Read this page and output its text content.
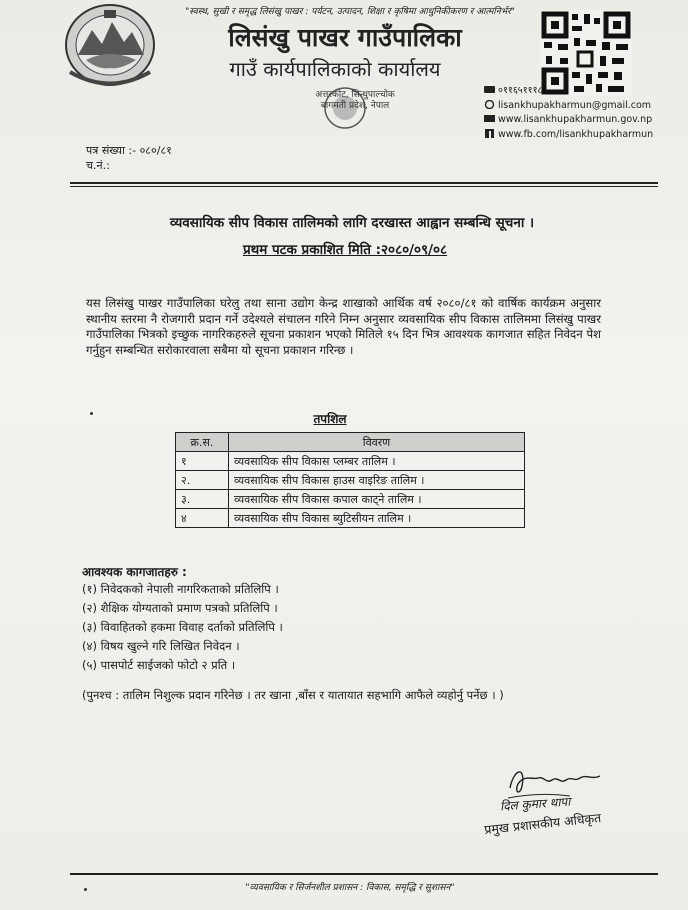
"स्वस्थ, सुखी र समृद्ध लिसंखु पाखर : पर्यटन, उत्पादन, शिक्षा र कृषिमा आधुनिकीकरण र आत्मनिर्भर"
लिसंखु पाखर गाउँपालिका
गाउँ कार्यपालिकाको कार्यालय
अत्तरकोट, सिन्धुपाल्चोक
बागमती प्रदेश, नेपाल
०११६५१११८
lisankhupakharmun@gmail.com
www.lisankhupakharmun.gov.np
www.fb.com/lisankhupakharmun
पत्र संख्या :- ०८०/८१
च.नं.:
व्यवसायिक सीप विकास तालिमको लागि दरखास्त आह्वान सम्बन्धि सूचना ।
प्रथम पटक प्रकाशित मिति :२०८०/०९/०८
यस लिसंखु पाखर गाउँपालिका घरेलु तथा साना उद्योग केन्द्र शाखाको आर्थिक वर्ष २०८०/८१ को वार्षिक कार्यक्रम अनुसार स्थानीय स्तरमा नै रोजगारी प्रदान गर्ने उदेश्यले संचालन गरिने निम्न अनुसार व्यवसायिक सीप विकास तालिममा लिसंखु पाखर गाउँपालिका भित्रको इच्छुक नागरिकहरुले सूचना प्रकाशन भएको मितिले १५ दिन भित्र आवश्यक कागजात सहित निवेदन पेश गर्नुहुन सम्बन्धित सरोकारवाला सबैमा यो सूचना प्रकाशन गरिन्छ ।
तपशिल
क्र.स.	विवरण
१	व्यवसायिक सीप विकास प्लम्बर तालिम ।
२.	व्यवसायिक सीप विकास हाउस वाइरिङ तालिम ।
३.	व्यवसायिक सीप विकास कपाल काट्ने तालिम ।
४	व्यवसायिक सीप विकास ब्युटिसीयन तालिम ।
आवश्यक कागजातहरु :
(१) निवेदकको नेपाली नागरिकताको प्रतिलिपि ।
(२) शैक्षिक योग्यताको प्रमाण पत्रको प्रतिलिपि ।
(३) विवाहितको हकमा विवाह दर्ताको प्रतिलिपि ।
(४) विषय खुल्ने गरि लिखित निवेदन ।
(५) पासपोर्ट साईजको फोटो २ प्रति ।
(पुनश्च : तालिम निशुल्क प्रदान गरिनेछ । तर खाना ,बाँस र यातायात सहभागि आफैले व्यहोर्नु पर्नेछ । )
दिल कुमार थापा
प्रमुख प्रशासकीय अधिकृत
"व्यवसायिक र सिर्जनशील प्रशासन : विकास, समृद्धि र सुशासन"
